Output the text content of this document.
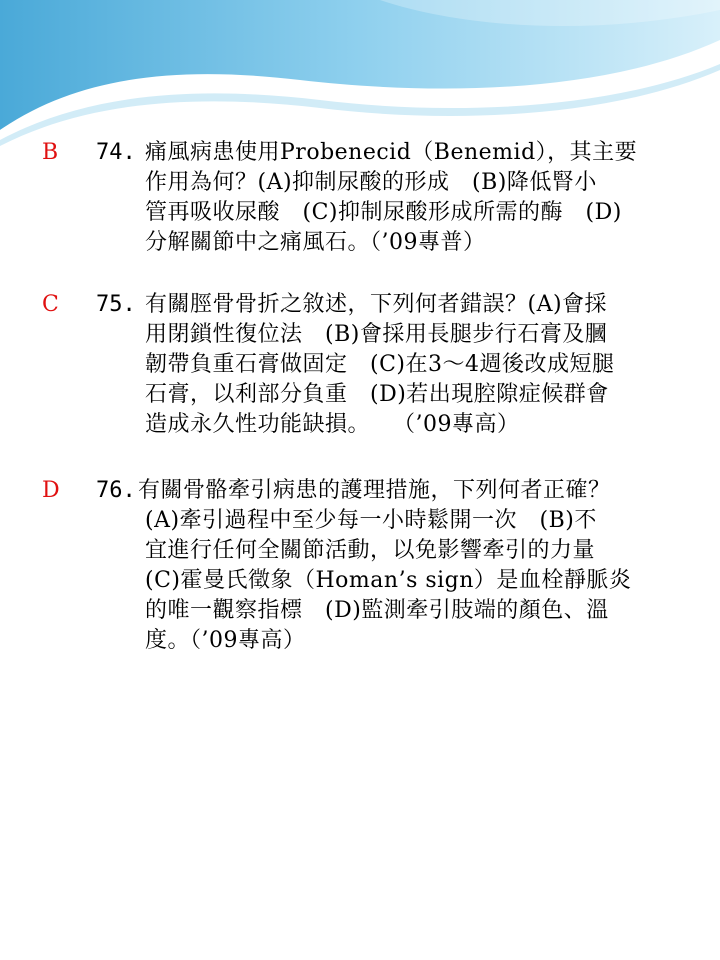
B 74. 痛風病患使用Probenecid（Benemid），其主要
作用為何？(A)抑制尿酸的形成　(B)降低腎小
管再吸收尿酸　(C)抑制尿酸形成所需的酶　(D)
分解關節中之痛風石。（’09專普）
C 75. 有關脛骨骨折之敘述，下列何者錯誤？(A)會採
用閉鎖性復位法　(B)會採用長腿步行石膏及膕
韌帶負重石膏做固定　(C)在3～4週後改成短腿
石膏，以利部分負重　(D)若出現腔隙症候群會
造成永久性功能缺損。　　（’09專高）
D 76. 有關骨骼牽引病患的護理措施，下列何者正確？
(A)牽引過程中至少每一小時鬆開一次　(B)不
宜進行任何全關節活動，以免影響牽引的力量
(C)霍曼氏徵象（Homan’s sign）是血栓靜脈炎
的唯一觀察指標　(D)監測牽引肢端的顏色、溫
度。（’09專高）
